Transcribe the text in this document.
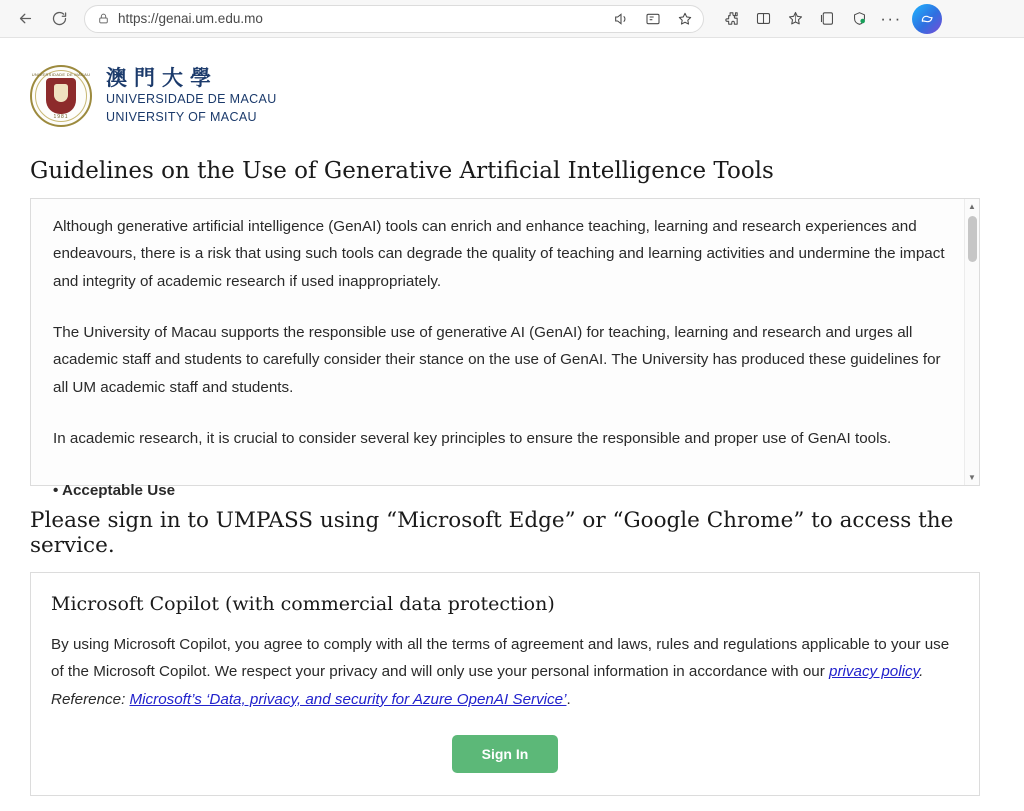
https://genai.um.edu.mo	···
UNIVERSIDADE DE MACAU
1981
澳門大學
UNIVERSIDADE DE MACAU
UNIVERSITY OF MACAU
Guidelines on the Use of Generative Artificial Intelligence Tools

Although generative artificial intelligence (GenAI) tools can enrich and enhance teaching, learning and research experiences and endeavours, there is a risk that using such tools can degrade the quality of teaching and learning activities and undermine the impact and integrity of academic research if used inappropriately.

The University of Macau supports the responsible use of generative AI (GenAI) for teaching, learning and research and urges all academic staff and students to carefully consider their stance on the use of GenAI. The University has produced these guidelines for all UM academic staff and students.

In academic research, it is crucial to consider several key principles to ensure the responsible and proper use of GenAI tools.

• Acceptable Use

▲
▼
Please sign in to UMPASS using “Microsoft Edge” or “Google Chrome” to access the service.
Microsoft Copilot (with commercial data protection)

By using Microsoft Copilot, you agree to comply with all the terms of agreement and laws, rules and regulations applicable to your use of the Microsoft Copilot. We respect your privacy and will only use your personal information in accordance with our privacy policy. Reference: Microsoft’s ‘Data, privacy, and security for Azure OpenAI Service’.

Sign In
